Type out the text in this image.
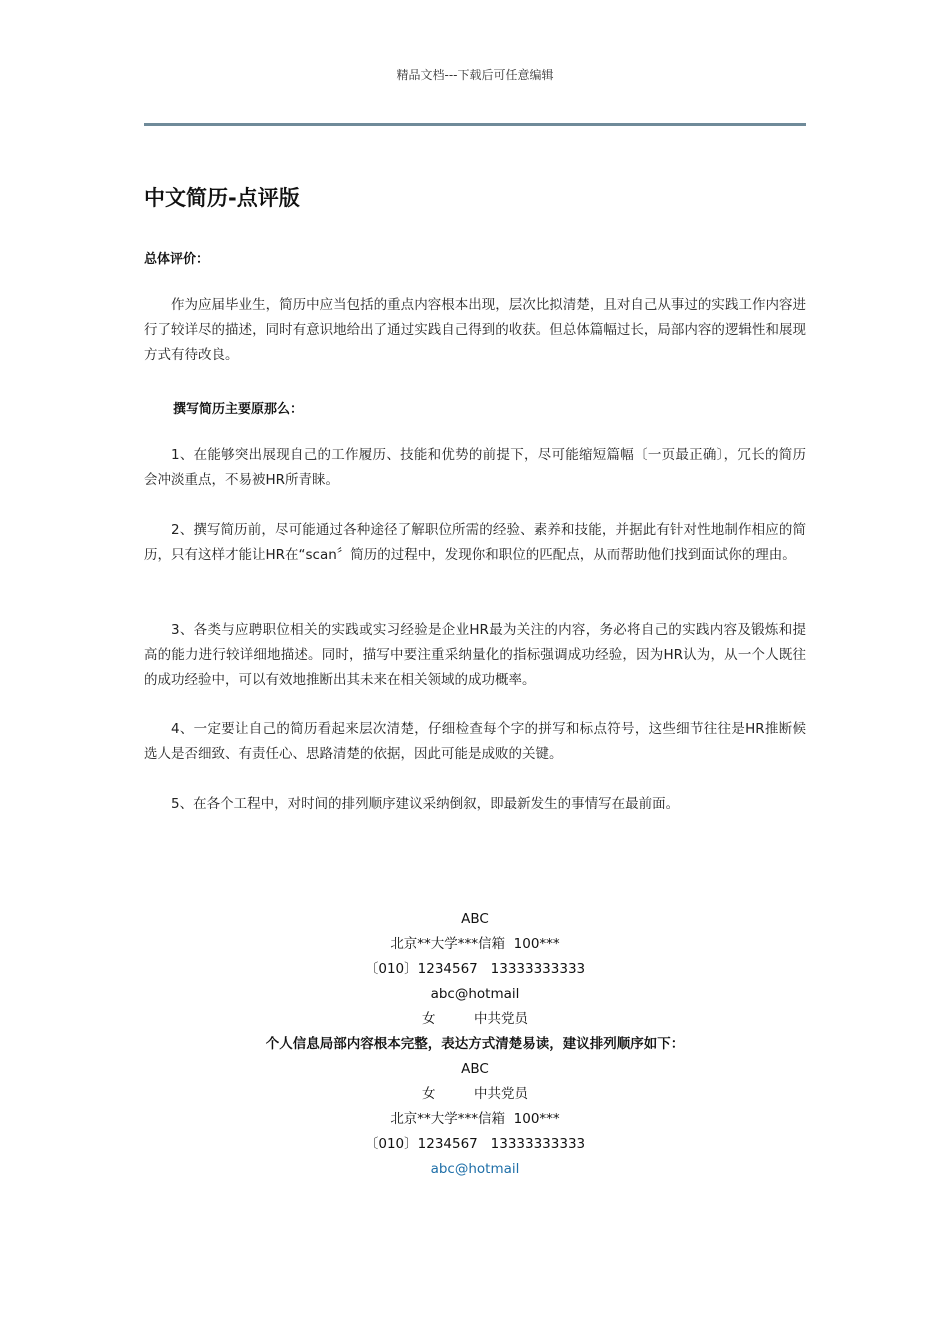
精品文档---下载后可任意编辑
中文简历-点评版

总体评价：

作为应届毕业生，简历中应当包括的重点内容根本出现，层次比拟清楚，且对自己从事过的实践工作内容进行了较详尽的描述，同时有意识地给出了通过实践自己得到的收获。但总体篇幅过长，局部内容的逻辑性和展现方式有待改良。

撰写简历主要原那么：

1、在能够突出展现自己的工作履历、技能和优势的前提下，尽可能缩短篇幅〔一页最正确〕，冗长的简历会冲淡重点，不易被HR所青睐。

2、撰写简历前，尽可能通过各种途径了解职位所需的经验、素养和技能，并据此有针对性地制作相应的简历，只有这样才能让HR在“scan〞简历的过程中，发现你和职位的匹配点，从而帮助他们找到面试你的理由。

3、各类与应聘职位相关的实践或实习经验是企业HR最为关注的内容，务必将自己的实践内容及锻炼和提高的能力进行较详细地描述。同时，描写中要注重采纳量化的指标强调成功经验，因为HR认为，从一个人既往的成功经验中，可以有效地推断出其未来在相关领域的成功概率。

4、一定要让自己的简历看起来层次清楚，仔细检查每个字的拼写和标点符号，这些细节往往是HR推断候选人是否细致、有责任心、思路清楚的依据，因此可能是成败的关键。

5、在各个工程中，对时间的排列顺序建议采纳倒叙，即最新发生的事情写在最前面。

ABC
北京**大学***信箱  100***
〔010〕1234567   13333333333
abc@hotmail
女         中共党员
个人信息局部内容根本完整，表达方式清楚易读，建议排列顺序如下：
ABC
女         中共党员
北京**大学***信箱  100***
〔010〕1234567   13333333333
abc@hotmail
